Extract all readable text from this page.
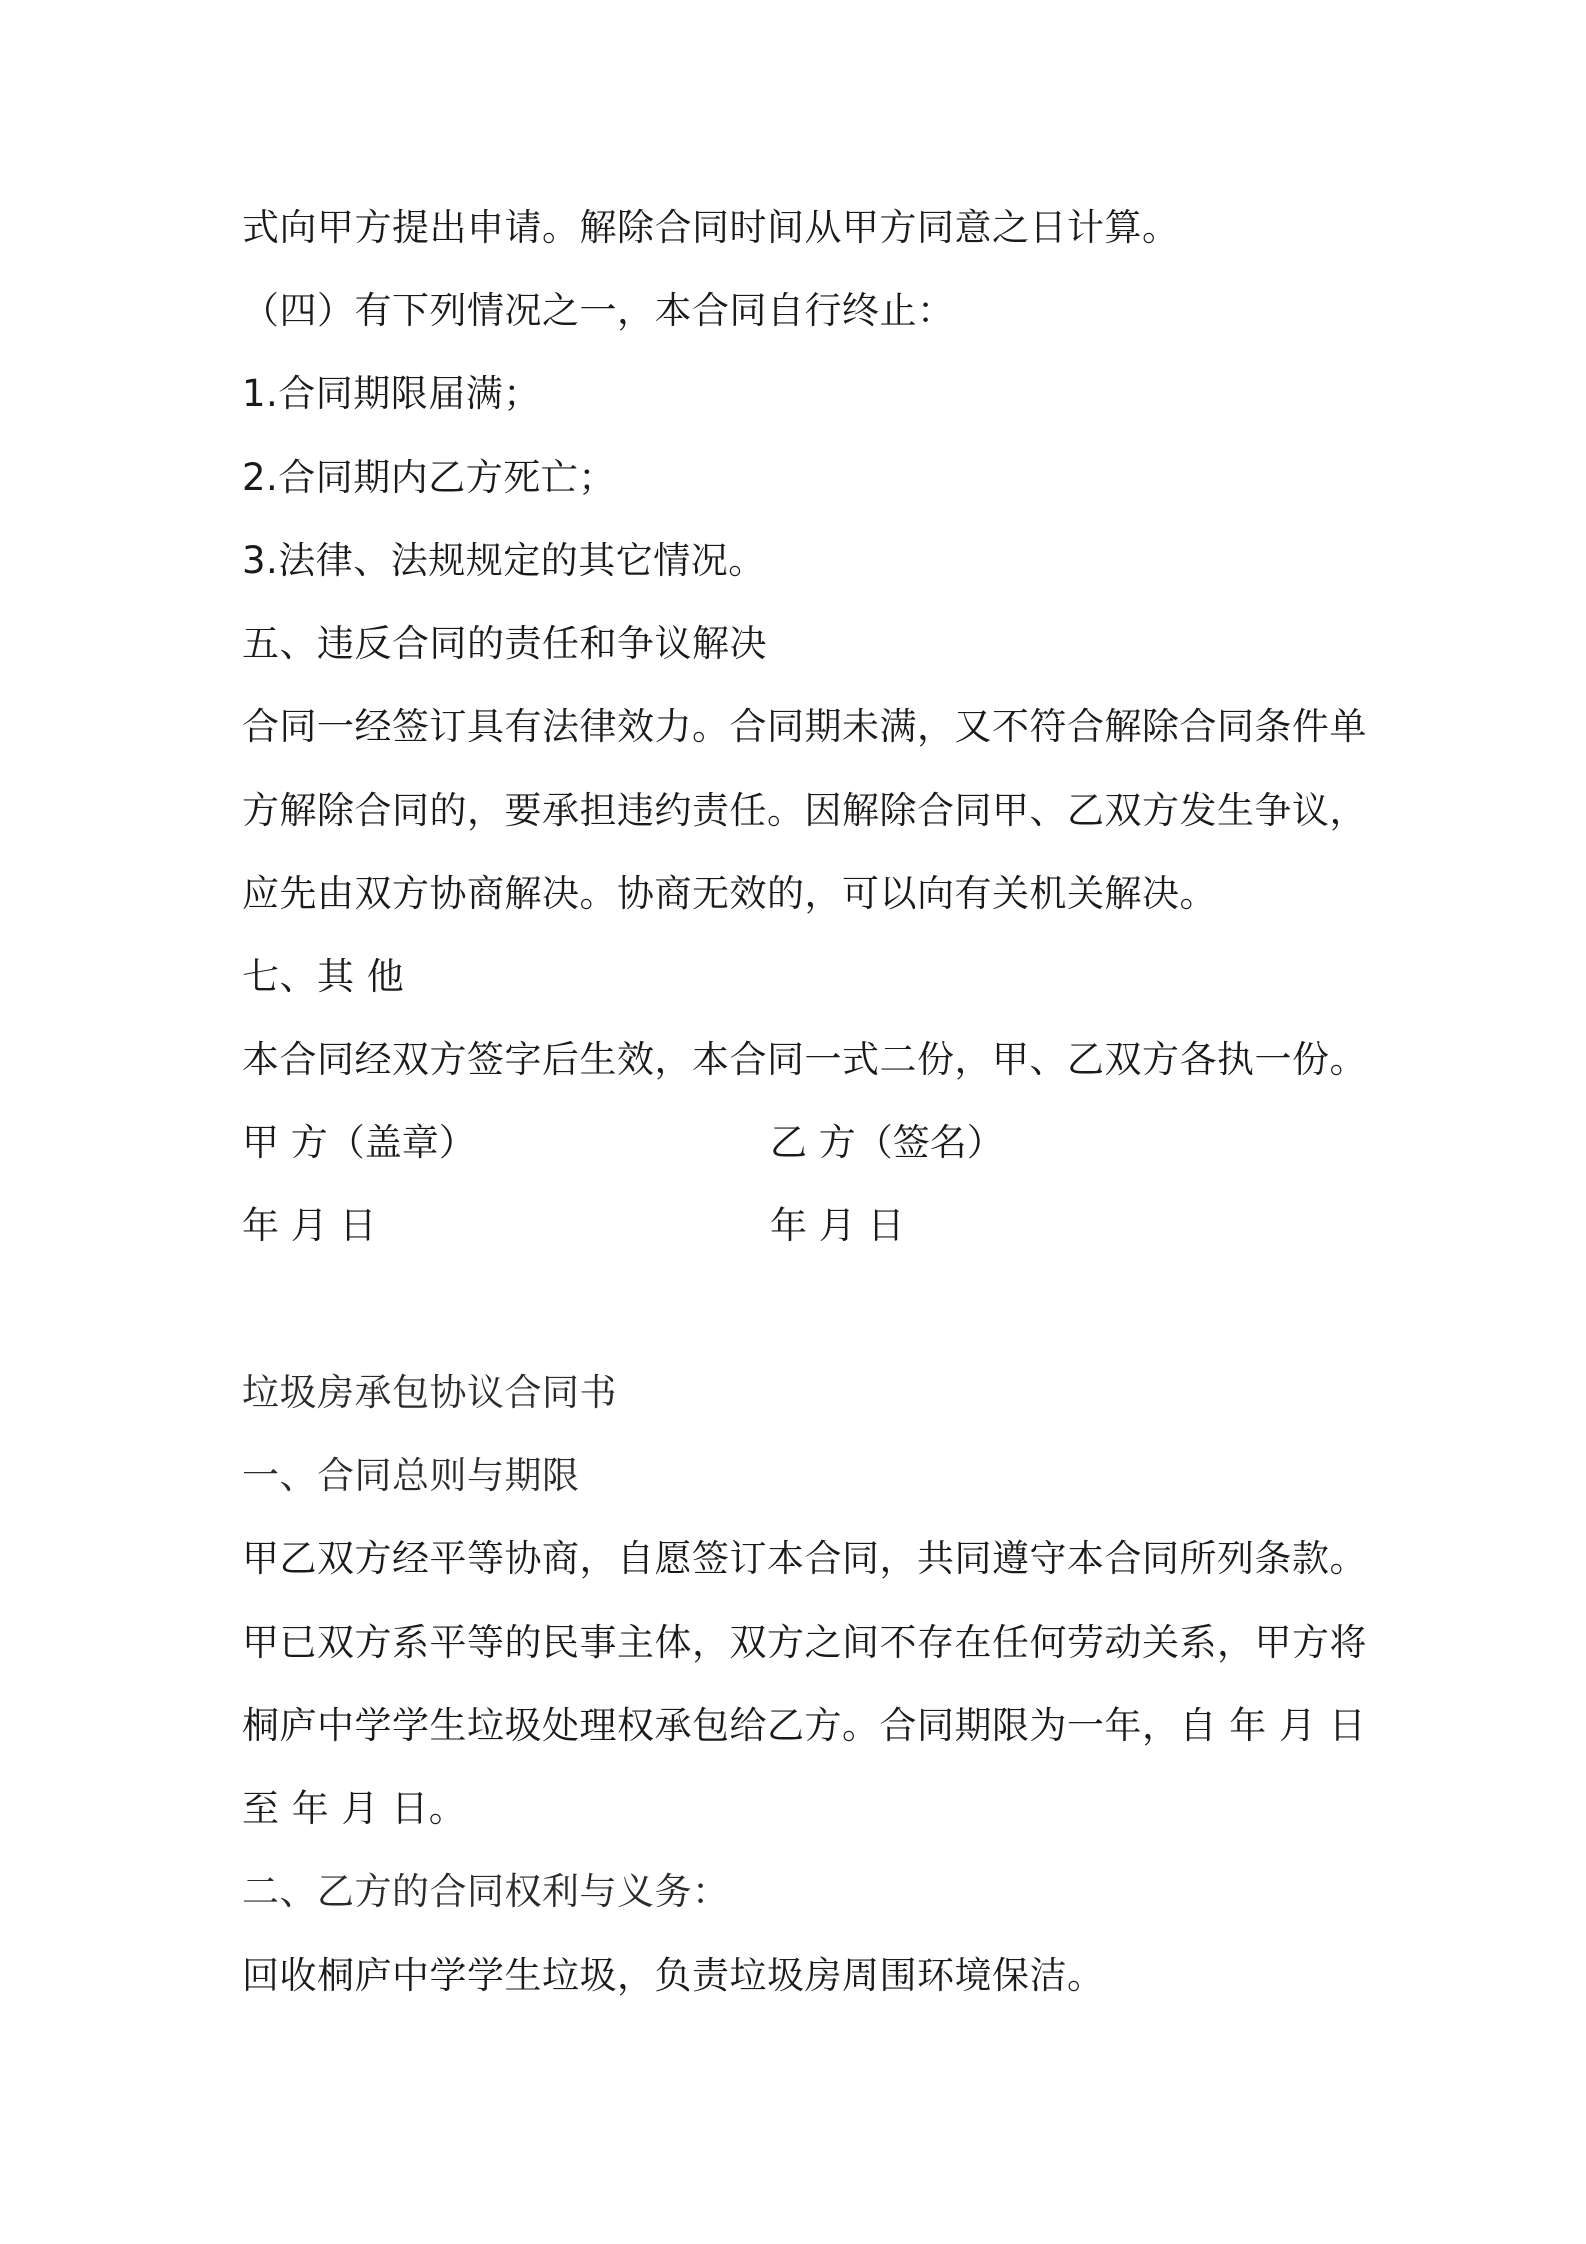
式向甲方提出申请。解除合同时间从甲方同意之日计算。
（四）有下列情况之一，本合同自行终止：
1.合同期限届满；
2.合同期内乙方死亡；
3.法律、法规规定的其它情况。
五、违反合同的责任和争议解决
合同一经签订具有法律效力。合同期未满，又不符合解除合同条件单
方解除合同的，要承担违约责任。因解除合同甲、乙双方发生争议，
应先由双方协商解决。协商无效的，可以向有关机关解决。
七、其 他
本合同经双方签字后生效，本合同一式二份，甲、乙双方各执一份。
甲 方（盖章）	乙 方（签名）
年 月 日	年 月 日
垃圾房承包协议合同书
一、合同总则与期限
甲乙双方经平等协商，自愿签订本合同，共同遵守本合同所列条款。
甲已双方系平等的民事主体，双方之间不存在任何劳动关系，甲方将
桐庐中学学生垃圾处理权承包给乙方。合同期限为一年，自 年 月 日
至 年 月 日。
二、乙方的合同权利与义务：
回收桐庐中学学生垃圾，负责垃圾房周围环境保洁。
